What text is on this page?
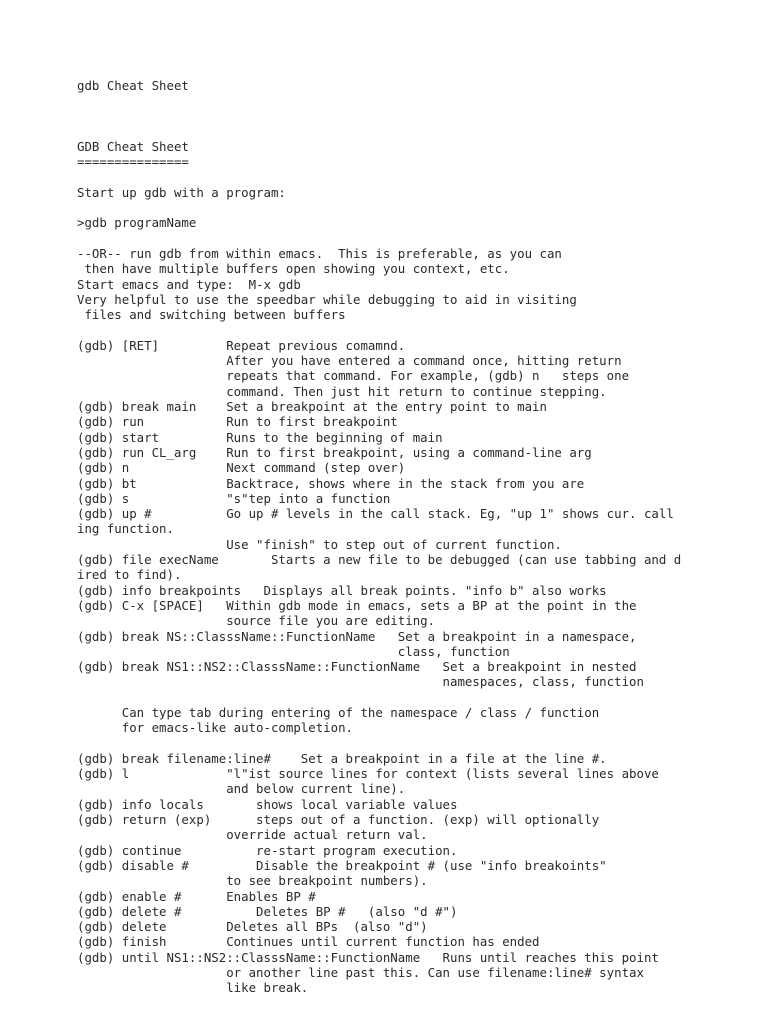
gdb Cheat Sheet
GDB Cheat Sheet
===============

Start up gdb with a program:

>gdb programName

--OR-- run gdb from within emacs.  This is preferable, as you can
then have multiple buffers open showing you context, etc.
Start emacs and type:  M-x gdb
Very helpful to use the speedbar while debugging to aid in visiting
files and switching between buffers

(gdb) [RET]         Repeat previous comamnd.
After you have entered a command once, hitting return
repeats that command. For example, (gdb) n   steps one
command. Then just hit return to continue stepping.
(gdb) break main    Set a breakpoint at the entry point to main
(gdb) run           Run to first breakpoint
(gdb) start         Runs to the beginning of main
(gdb) run CL_arg    Run to first breakpoint, using a command-line arg
(gdb) n             Next command (step over)
(gdb) bt            Backtrace, shows where in the stack from you are
(gdb) s             "s"tep into a function
(gdb) up #          Go up # levels in the call stack. Eg, "up 1" shows cur. call
ing function.
Use "finish" to step out of current function.
(gdb) file execName       Starts a new file to be debugged (can use tabbing and d
ired to find).
(gdb) info breakpoints   Displays all break points. "info b" also works
(gdb) C-x [SPACE]   Within gdb mode in emacs, sets a BP at the point in the
source file you are editing.
(gdb) break NS::ClasssName::FunctionName   Set a breakpoint in a namespace,
class, function
(gdb) break NS1::NS2::ClasssName::FunctionName   Set a breakpoint in nested
namespaces, class, function

Can type tab during entering of the namespace / class / function
for emacs-like auto-completion.

(gdb) break filename:line#    Set a breakpoint in a file at the line #.
(gdb) l             "l"ist source lines for context (lists several lines above
and below current line).
(gdb) info locals       shows local variable values
(gdb) return (exp)      steps out of a function. (exp) will optionally
override actual return val.
(gdb) continue          re-start program execution.
(gdb) disable #         Disable the breakpoint # (use "info breakoints"
to see breakpoint numbers).
(gdb) enable #      Enables BP #
(gdb) delete #          Deletes BP #   (also "d #")
(gdb) delete        Deletes all BPs  (also "d")
(gdb) finish        Continues until current function has ended
(gdb) until NS1::NS2::ClasssName::FunctionName   Runs until reaches this point
or another line past this. Can use filename:line# syntax
like break.
